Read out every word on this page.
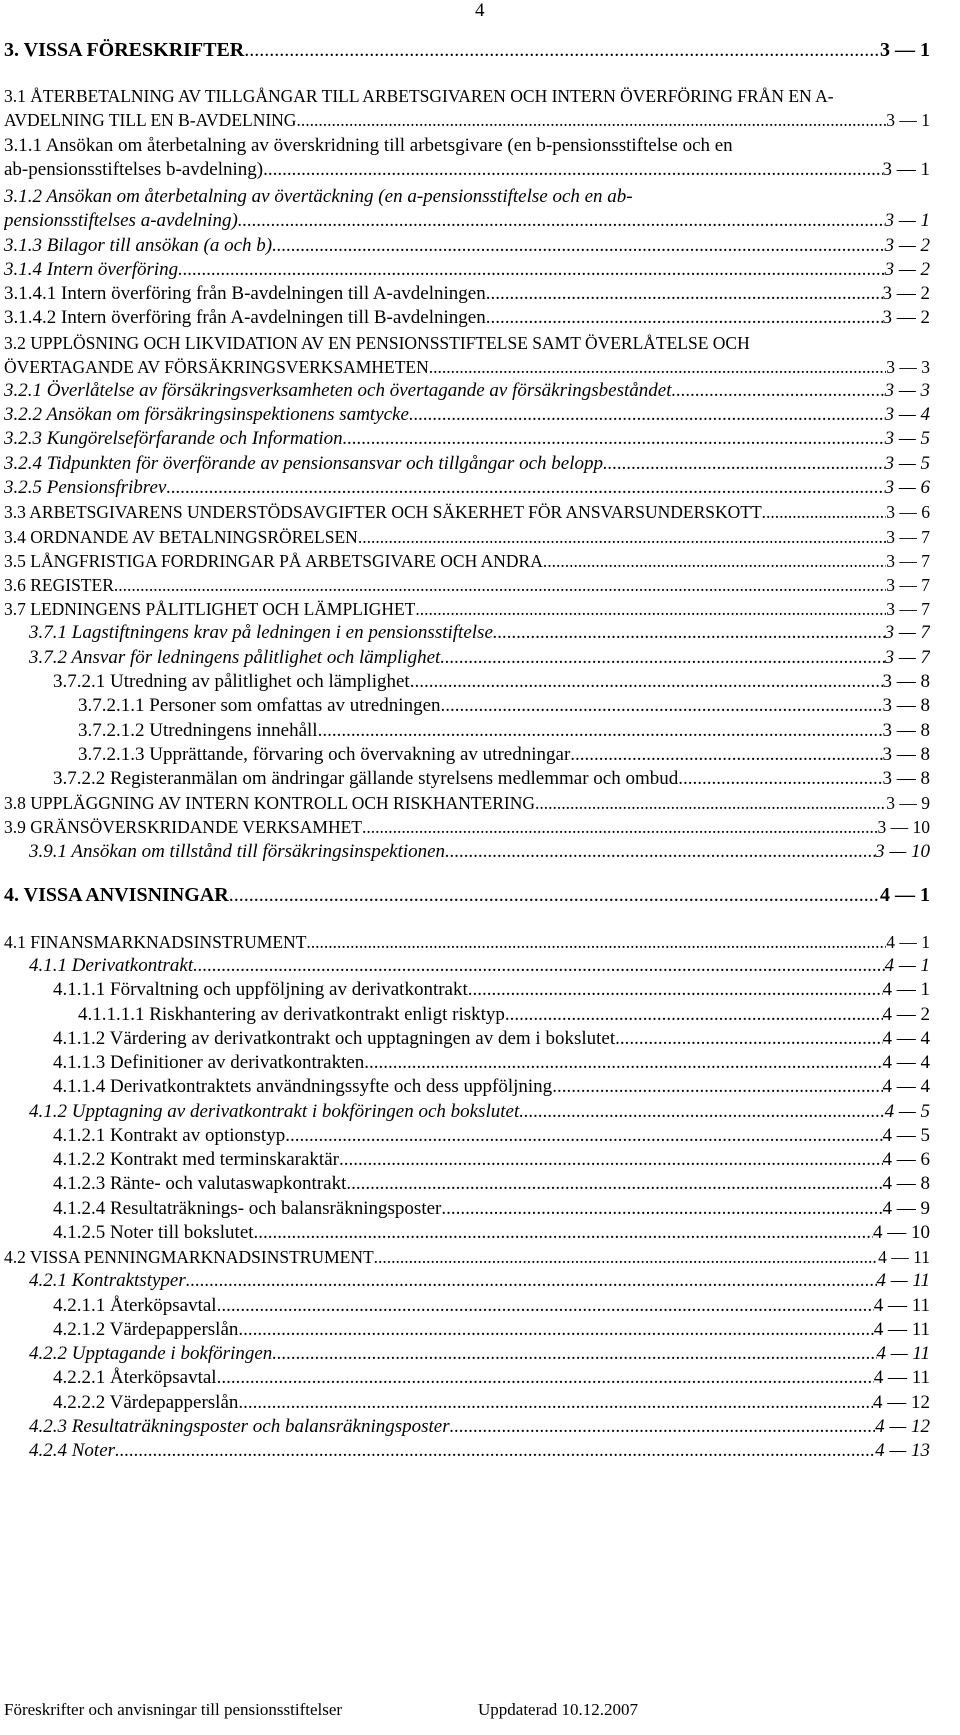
4
3. VISSA FÖRESKRIFTER .....	3 — 1
3.1 ÅTERBETALNING AV TILLGÅNGAR TILL ARBETSGIVAREN OCH INTERN ÖVERFÖRING FRÅN EN A-
AVDELNING TILL EN B-AVDELNING .....	3 — 1
3.1.1 Ansökan om återbetalning av överskridning till arbetsgivare (en b-pensionsstiftelse och en
ab-pensionsstiftelses b-avdelning) .....	3 — 1
3.1.2 Ansökan om återbetalning av övertäckning (en a-pensionsstiftelse och en ab-
pensionsstiftelses a-avdelning) .....	3 — 1
3.1.3 Bilagor till ansökan (a och b) .....	3 — 2
3.1.4 Intern överföring .....	3 — 2
3.1.4.1 Intern överföring från B-avdelningen till A-avdelningen .....	3 — 2
3.1.4.2 Intern överföring från A-avdelningen till B-avdelningen .....	3 — 2
3.2 UPPLÖSNING OCH LIKVIDATION AV EN PENSIONSSTIFTELSE SAMT ÖVERLÅTELSE OCH
ÖVERTAGANDE AV FÖRSÄKRINGSVERKSAMHETEN .....	3 — 3
3.2.1 Överlåtelse av försäkringsverksamheten och övertagande av försäkringsbeståndet .....	3 — 3
3.2.2 Ansökan om försäkringsinspektionens samtycke .....	3 — 4
3.2.3 Kungörelseförfarande och Information .....	3 — 5
3.2.4 Tidpunkten för överförande av pensionsansvar och tillgångar och belopp .....	3 — 5
3.2.5 Pensionsfribrev .....	3 — 6
3.3 ARBETSGIVARENS UNDERSTÖDSAVGIFTER OCH SÄKERHET FÖR ANSVARSUNDERSKOTT .....	3 — 6
3.4 ORDNANDE AV BETALNINGSRÖRELSEN .....	3 — 7
3.5 LÅNGFRISTIGA FORDRINGAR PÅ ARBETSGIVARE OCH ANDRA .....	3 — 7
3.6 REGISTER .....	3 — 7
3.7 LEDNINGENS PÅLITLIGHET OCH LÄMPLIGHET .....	3 — 7
3.7.1 Lagstiftningens krav på ledningen i en pensionsstiftelse .....	3 — 7
3.7.2 Ansvar för ledningens pålitlighet och lämplighet .....	3 — 7
3.7.2.1 Utredning av pålitlighet och lämplighet .....	3 — 8
3.7.2.1.1 Personer som omfattas av utredningen .....	3 — 8
3.7.2.1.2 Utredningens innehåll .....	3 — 8
3.7.2.1.3 Upprättande, förvaring och övervakning av utredningar .....	3 — 8
3.7.2.2 Registeranmälan om ändringar gällande styrelsens medlemmar och ombud .....	3 — 8
3.8 UPPLÄGGNING AV INTERN KONTROLL OCH RISKHANTERING .....	3 — 9
3.9 GRÄNSÖVERSKRIDANDE VERKSAMHET .....	3 — 10
3.9.1 Ansökan om tillstånd till försäkringsinspektionen .....	3 — 10
4. VISSA ANVISNINGAR .....	4 — 1
4.1 FINANSMARKNADSINSTRUMENT .....	4 — 1
4.1.1 Derivatkontrakt .....	4 — 1
4.1.1.1 Förvaltning och uppföljning av derivatkontrakt .....	4 — 1
4.1.1.1.1 Riskhantering av derivatkontrakt enligt risktyp .....	4 — 2
4.1.1.2 Värdering av derivatkontrakt och upptagningen av dem i bokslutet .....	4 — 4
4.1.1.3 Definitioner av derivatkontrakten .....	4 — 4
4.1.1.4 Derivatkontraktets användningssyfte och dess uppföljning .....	4 — 4
4.1.2 Upptagning av derivatkontrakt i bokföringen och bokslutet .....	4 — 5
4.1.2.1 Kontrakt av optionstyp .....	4 — 5
4.1.2.2 Kontrakt med terminskaraktär .....	4 — 6
4.1.2.3 Ränte- och valutaswapkontrakt .....	4 — 8
4.1.2.4 Resultaträknings- och balansräkningsposter .....	4 — 9
4.1.2.5 Noter till bokslutet .....	4 — 10
4.2 VISSA PENNINGMARKNADSINSTRUMENT .....	4 — 11
4.2.1 Kontraktstyper .....	4 — 11
4.2.1.1 Återköpsavtal .....	4 — 11
4.2.1.2 Värdepapperslån .....	4 — 11
4.2.2 Upptagande i bokföringen .....	4 — 11
4.2.2.1 Återköpsavtal .....	4 — 11
4.2.2.2 Värdepapperslån .....	4 — 12
4.2.3 Resultaträkningsposter och balansräkningsposter .....	4 — 12
4.2.4 Noter .....	4 — 13
Föreskrifter och anvisningar till pensionsstiftelser	Uppdaterad 10.12.2007
